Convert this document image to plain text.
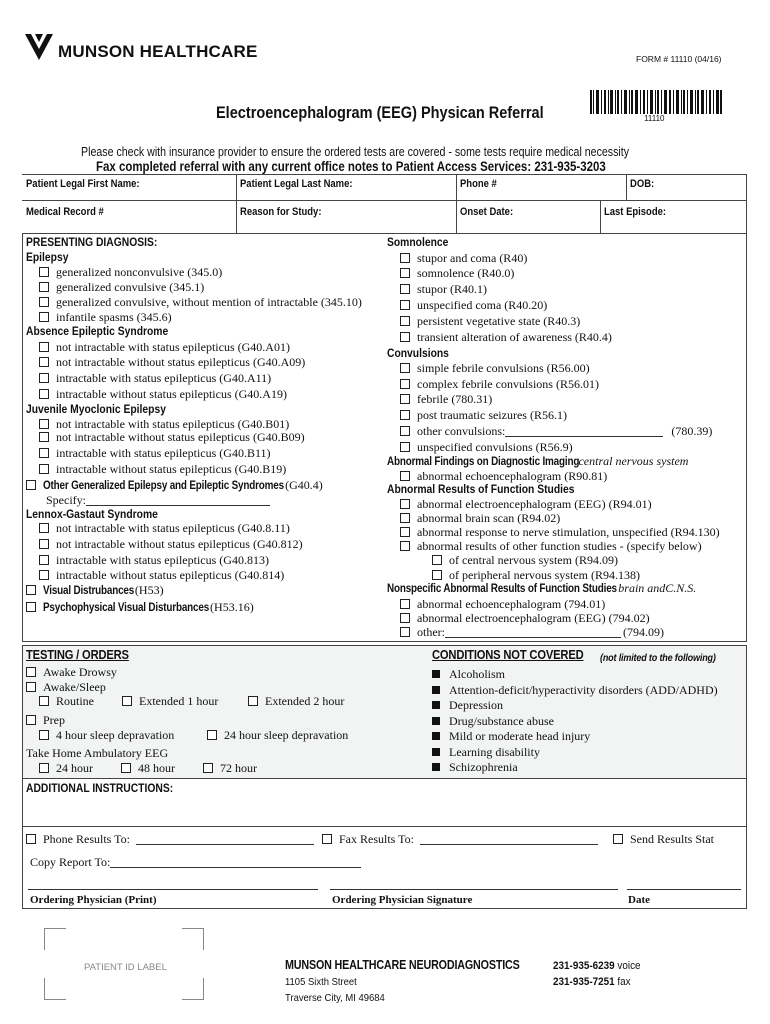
MUNSON HEALTHCARE	FORM # 11110 (04/16)
Electroencephalogram (EEG) Physican Referral	11110
Please check with insurance provider to ensure the ordered tests are covered - some tests require medical necessity
Fax completed referral with any current office notes to Patient Access Services: 231-935-3203
Patient Legal First Name:	Patient Legal Last Name:	Phone #	DOB:
Medical Record #	Reason for Study:	Onset Date:	Last Episode:
PRESENTING DIAGNOSIS:
Epilepsy
generalized nonconvulsive (345.0)
generalized convulsive (345.1)
generalized convulsive, without mention of intractable (345.10)
infantile spasms (345.6)
Absence Epileptic Syndrome
not intractable with status epilepticus (G40.A01)
not intractable without status epilepticus (G40.A09)
intractable with status epilepticus (G40.A11)
intractable without status epilepticus (G40.A19)
Juvenile Myoclonic Epilepsy
not intractable with status epilepticus (G40.B01)
not intractable without status epilepticus (G40.B09)
intractable with status epilepticus (G40.B11)
intractable without status epilepticus (G40.B19)
Other Generalized Epilepsy and Epileptic Syndromes(G40.4)
Specify:
Lennox-Gastaut Syndrome
not intractable with status epilepticus (G40.8.11)
not intractable without status epilepticus (G40.812)
intractable with status epilepticus (G40.813)
intractable without status epilepticus (G40.814)
Visual Distrubances(H53)
Psychophysical Visual Disturbances(H53.16)
Somnolence
stupor and coma (R40)
somnolence (R40.0)
stupor (R40.1)
unspecified coma (R40.20)
persistent vegetative state (R40.3)
transient alteration of awareness (R40.4)
Convulsions
simple febrile convulsions (R56.00)
complex febrile convulsions (R56.01)
febrile (780.31)
post traumatic seizures (R56.1)
other convulsions:	(780.39)
unspecified convulsions (R56.9)
Abnormal Findings on Diagnostic Imagingcentral nervous system
abnormal echoencephalogram (R90.81)
Abnormal Results of Function Studies
abnormal electroencephalogram (EEG) (R94.01)
abnormal brain scan (R94.02)
abnormal response to nerve stimulation, unspecified (R94.130)
abnormal results of other function studies - (specify below)
of central nervous system (R94.09)
of peripheral nervous system (R94.138)
Nonspecific Abnormal Results of Function Studiesbrain andC.N.S.
abnormal echoencephalogram (794.01)
abnormal electroencephalogram (EEG) (794.02)
other:	(794.09)
TESTING / ORDERS
Awake Drowsy
Awake/Sleep
Routine	Extended 1 hour	Extended 2 hour
Prep
4 hour sleep depravation	24 hour sleep depravation
Take Home Ambulatory EEG
24 hour	48 hour	72 hour
CONDITIONS NOT COVERED	(not limited to the following)
Alcoholism
Attention-deficit/hyperactivity disorders (ADD/ADHD)
Depression
Drug/substance abuse
Mild or moderate head injury
Learning disability
Schizophrenia
ADDITIONAL INSTRUCTIONS:
Phone Results To:	Fax Results To:	Send Results Stat
Copy Report To:
Ordering Physician (Print)	Ordering Physician Signature	Date
PATIENT ID LABEL	MUNSON HEALTHCARE NEURODIAGNOSTICS
1105 Sixth Street
Traverse City, MI 49684
231-935-6239 voice
231-935-7251 fax
